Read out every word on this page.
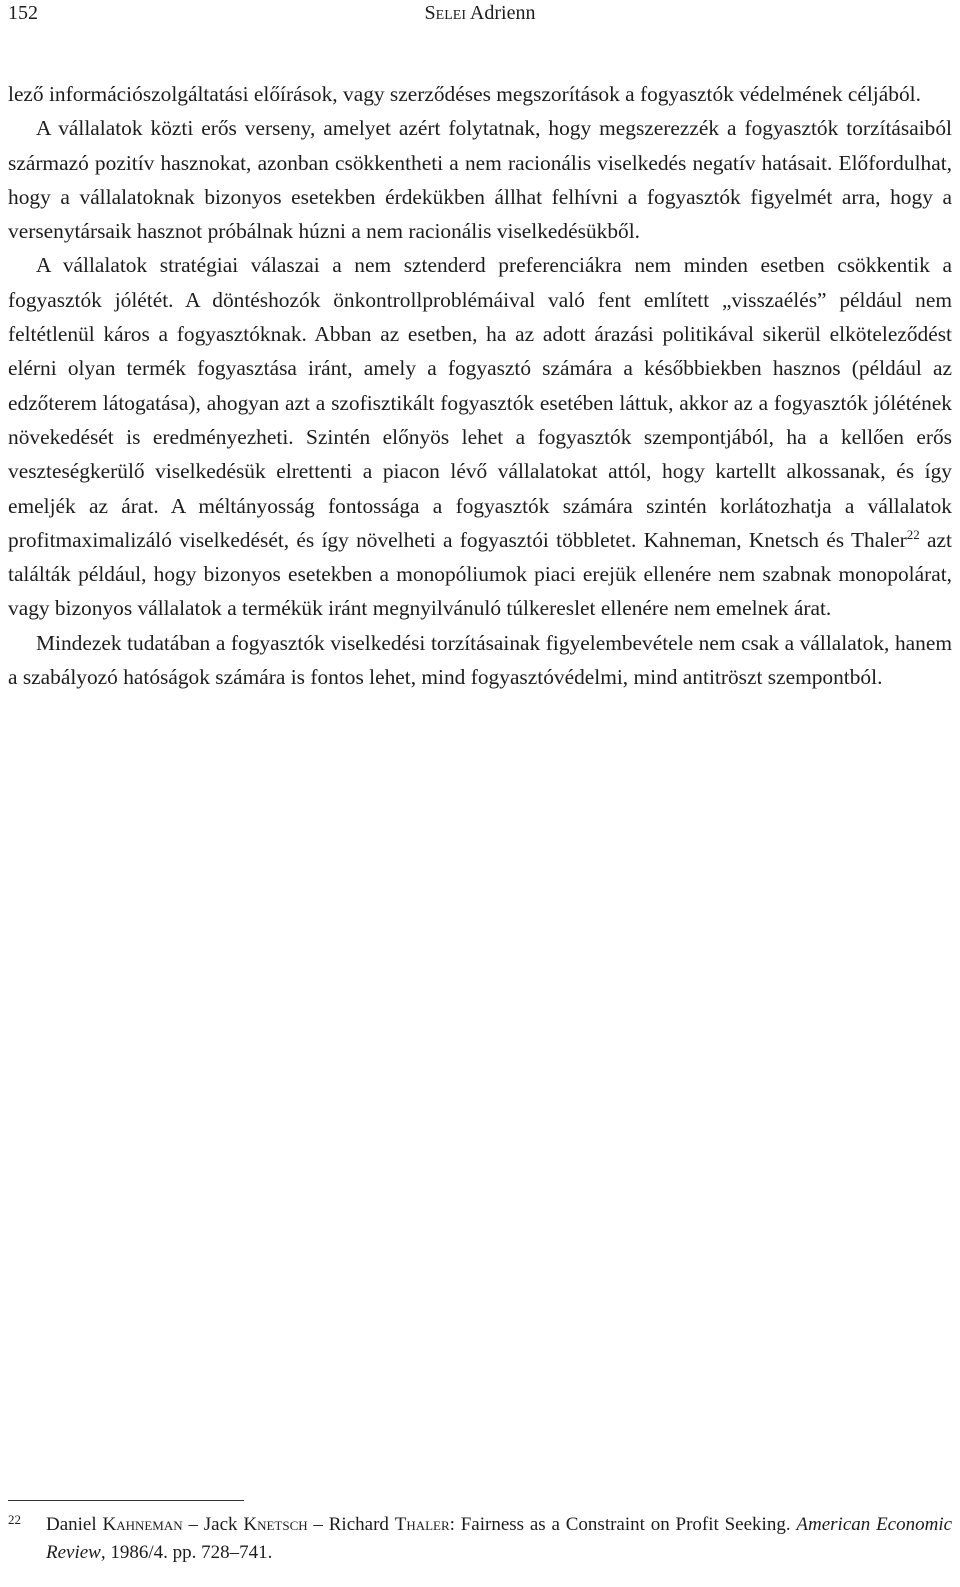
152	Selei Adrienn

lező információszolgáltatási előírások, vagy szerződéses megszorítások a fogyasztók védelmének céljából.

A vállalatok közti erős verseny, amelyet azért folytatnak, hogy megszerezzék a fogyasztók torzításaiból származó pozitív hasznokat, azonban csökkentheti a nem racionális viselkedés negatív hatásait. Előfordulhat, hogy a vállalatoknak bizonyos esetekben érdekükben állhat felhívni a fogyasztók figyelmét arra, hogy a versenytársaik hasznot próbálnak húzni a nem racionális viselkedésükből.

A vállalatok stratégiai válaszai a nem sztenderd preferenciákra nem minden esetben csökkentik a fogyasztók jólétét. A döntéshozók önkontrollproblémáival való fent említett „visszaélés” például nem feltétlenül káros a fogyasztóknak. Abban az esetben, ha az adott árazási politikával sikerül elköteleződést elérni olyan termék fogyasztása iránt, amely a fogyasztó számára a későbbiekben hasznos (például az edzőterem látogatása), ahogyan azt a szofisztikált fogyasztók esetében láttuk, akkor az a fogyasztók jólétének növekedését is eredményezheti. Szintén előnyös lehet a fogyasztók szempontjából, ha a kellően erős veszteségkerülő viselkedésük elrettenti a piacon lévő vállalatokat attól, hogy kartellt alkossanak, és így emeljék az árat. A méltányosság fontossága a fogyasztók számára szintén korlátozhatja a vállalatok profitmaximalizáló viselkedését, és így növelheti a fogyasztói többletet. Kahneman, Knetsch és Thaler$^{22}$ azt találták például, hogy bizonyos esetekben a monopóliumok piaci erejük ellenére nem szabnak monopolárat, vagy bizonyos vállalatok a termékük iránt megnyilvánuló túlkereslet ellenére nem emelnek árat.

Mindezek tudatában a fogyasztók viselkedési torzításainak figyelembevétele nem csak a vállalatok, hanem a szabályozó hatóságok számára is fontos lehet, mind fogyasztóvédelmi, mind antitröszt szempontból.

22 Daniel Kahneman – Jack Knetsch – Richard Thaler: Fairness as a Constraint on Profit Seeking. American Economic Review, 1986/4. pp. 728–741.
